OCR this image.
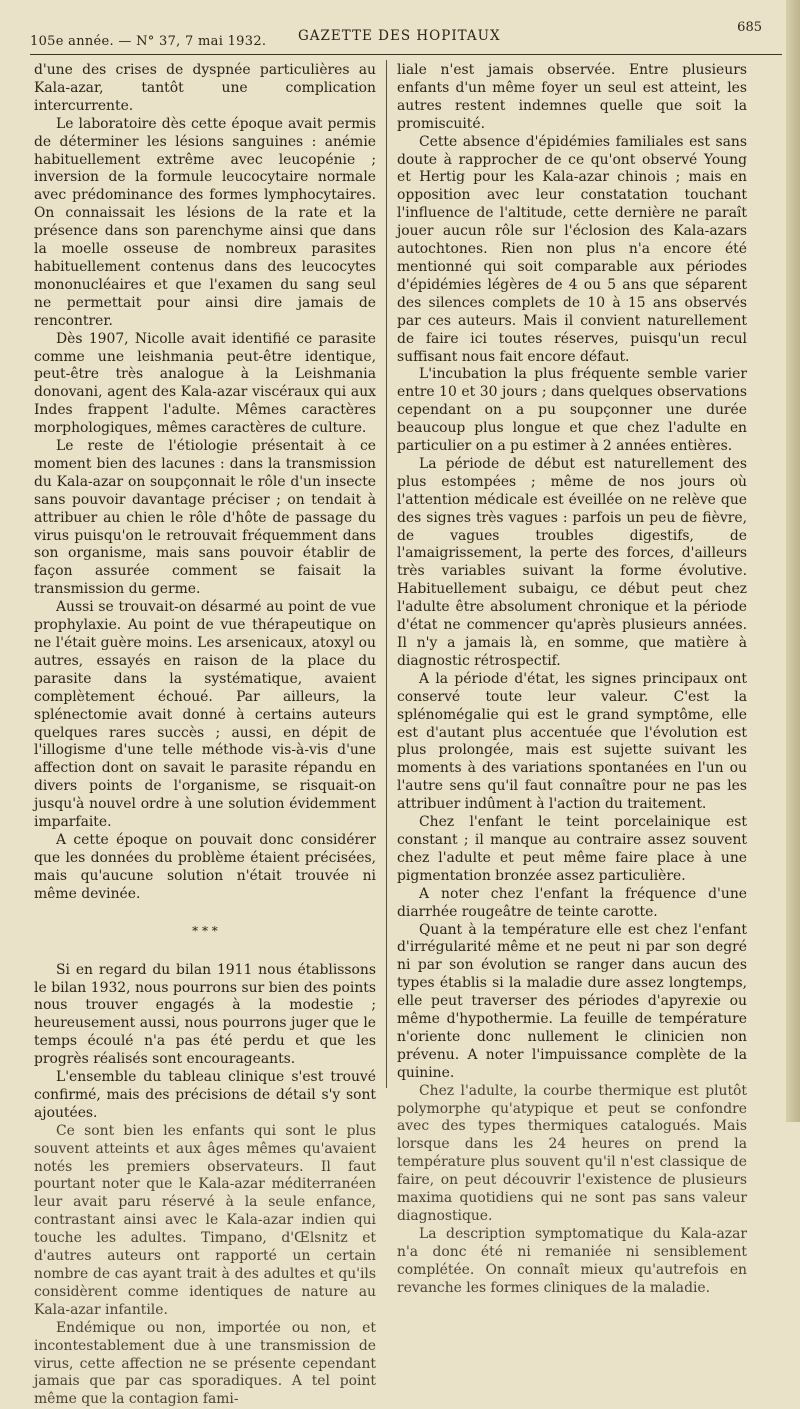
105e année. — N° 37, 7 mai 1932. GAZETTE DES HOPITAUX
685

d'une des crises de dyspnée particulières au Kala-azar, tantôt une complication intercurrente.

Le laboratoire dès cette époque avait permis de déterminer les lésions sanguines : anémie habituellement extrême avec leucopénie ; inversion de la formule leucocytaire normale avec prédominance des formes lymphocytaires. On connaissait les lésions de la rate et la présence dans son parenchyme ainsi que dans la moelle osseuse de nombreux parasites habituellement contenus dans des leucocytes mononucléaires et que l'examen du sang seul ne permettait pour ainsi dire jamais de rencontrer.

Dès 1907, Nicolle avait identifié ce parasite comme une leishmania peut-être identique, peut-être très analogue à la Leishmania donovani, agent des Kala-azar viscéraux qui aux Indes frappent l'adulte. Mêmes caractères morphologiques, mêmes caractères de culture.

Le reste de l'étiologie présentait à ce moment bien des lacunes : dans la transmission du Kala-azar on soupçonnait le rôle d'un insecte sans pouvoir davantage préciser ; on tendait à attribuer au chien le rôle d'hôte de passage du virus puisqu'on le retrouvait fréquemment dans son organisme, mais sans pouvoir établir de façon assurée comment se faisait la transmission du germe.

Aussi se trouvait-on désarmé au point de vue prophylaxie. Au point de vue thérapeutique on ne l'était guère moins. Les arsenicaux, atoxyl ou autres, essayés en raison de la place du parasite dans la systématique, avaient complètement échoué. Par ailleurs, la splénectomie avait donné à certains auteurs quelques rares succès ; aussi, en dépit de l'illogisme d'une telle méthode vis-à-vis d'une affection dont on savait le parasite répandu en divers points de l'organisme, se risquait-on jusqu'à nouvel ordre à une solution évidemment imparfaite.

A cette époque on pouvait donc considérer que les données du problème étaient précisées, mais qu'aucune solution n'était trouvée ni même devinée.

* * *

Si en regard du bilan 1911 nous établissons le bilan 1932, nous pourrons sur bien des points nous trouver engagés à la modestie ; heureusement aussi, nous pourrons juger que le temps écoulé n'a pas été perdu et que les progrès réalisés sont encourageants.

L'ensemble du tableau clinique s'est trouvé confirmé, mais des précisions de détail s'y sont ajoutées.

Ce sont bien les enfants qui sont le plus souvent atteints et aux âges mêmes qu'avaient notés les premiers observateurs. Il faut pourtant noter que le Kala-azar méditerranéen leur avait paru réservé à la seule enfance, contrastant ainsi avec le Kala-azar indien qui touche les adultes. Timpano, d'Œlsnitz et d'autres auteurs ont rapporté un certain nombre de cas ayant trait à des adultes et qu'ils considèrent comme identiques de nature au Kala-azar infantile.

Endémique ou non, importée ou non, et incontestablement due à une transmission de virus, cette affection ne se présente cependant jamais que par cas sporadiques. A tel point même que la contagion fami-

liale n'est jamais observée. Entre plusieurs enfants d'un même foyer un seul est atteint, les autres restent indemnes quelle que soit la promiscuité.

Cette absence d'épidémies familiales est sans doute à rapprocher de ce qu'ont observé Young et Hertig pour les Kala-azar chinois ; mais en opposition avec leur constatation touchant l'influence de l'altitude, cette dernière ne paraît jouer aucun rôle sur l'éclosion des Kala-azars autochtones. Rien non plus n'a encore été mentionné qui soit comparable aux périodes d'épidémies légères de 4 ou 5 ans que séparent des silences complets de 10 à 15 ans observés par ces auteurs. Mais il convient naturellement de faire ici toutes réserves, puisqu'un recul suffisant nous fait encore défaut.

L'incubation la plus fréquente semble varier entre 10 et 30 jours ; dans quelques observations cependant on a pu soupçonner une durée beaucoup plus longue et que chez l'adulte en particulier on a pu estimer à 2 années entières.

La période de début est naturellement des plus estompées ; même de nos jours où l'attention médicale est éveillée on ne relève que des signes très vagues : parfois un peu de fièvre, de vagues troubles digestifs, de l'amaigrissement, la perte des forces, d'ailleurs très variables suivant la forme évolutive. Habituellement subaigu, ce début peut chez l'adulte être absolument chronique et la période d'état ne commencer qu'après plusieurs années. Il n'y a jamais là, en somme, que matière à diagnostic rétrospectif.

A la période d'état, les signes principaux ont conservé toute leur valeur. C'est la splénomégalie qui est le grand symptôme, elle est d'autant plus accentuée que l'évolution est plus prolongée, mais est sujette suivant les moments à des variations spontanées en l'un ou l'autre sens qu'il faut connaître pour ne pas les attribuer indûment à l'action du traitement.

Chez l'enfant le teint porcelainique est constant ; il manque au contraire assez souvent chez l'adulte et peut même faire place à une pigmentation bronzée assez particulière.

A noter chez l'enfant la fréquence d'une diarrhée rougeâtre de teinte carotte.

Quant à la température elle est chez l'enfant d'irrégularité même et ne peut ni par son degré ni par son évolution se ranger dans aucun des types établis si la maladie dure assez longtemps, elle peut traverser des périodes d'apyrexie ou même d'hypothermie. La feuille de température n'oriente donc nullement le clinicien non prévenu. A noter l'impuissance complète de la quinine.

Chez l'adulte, la courbe thermique est plutôt polymorphe qu'atypique et peut se confondre avec des types thermiques catalogués. Mais lorsque dans les 24 heures on prend la température plus souvent qu'il n'est classique de faire, on peut découvrir l'existence de plusieurs maxima quotidiens qui ne sont pas sans valeur diagnostique.

La description symptomatique du Kala-azar n'a donc été ni remaniée ni sensiblement complétée. On connaît mieux qu'autrefois en revanche les formes cliniques de la maladie.
